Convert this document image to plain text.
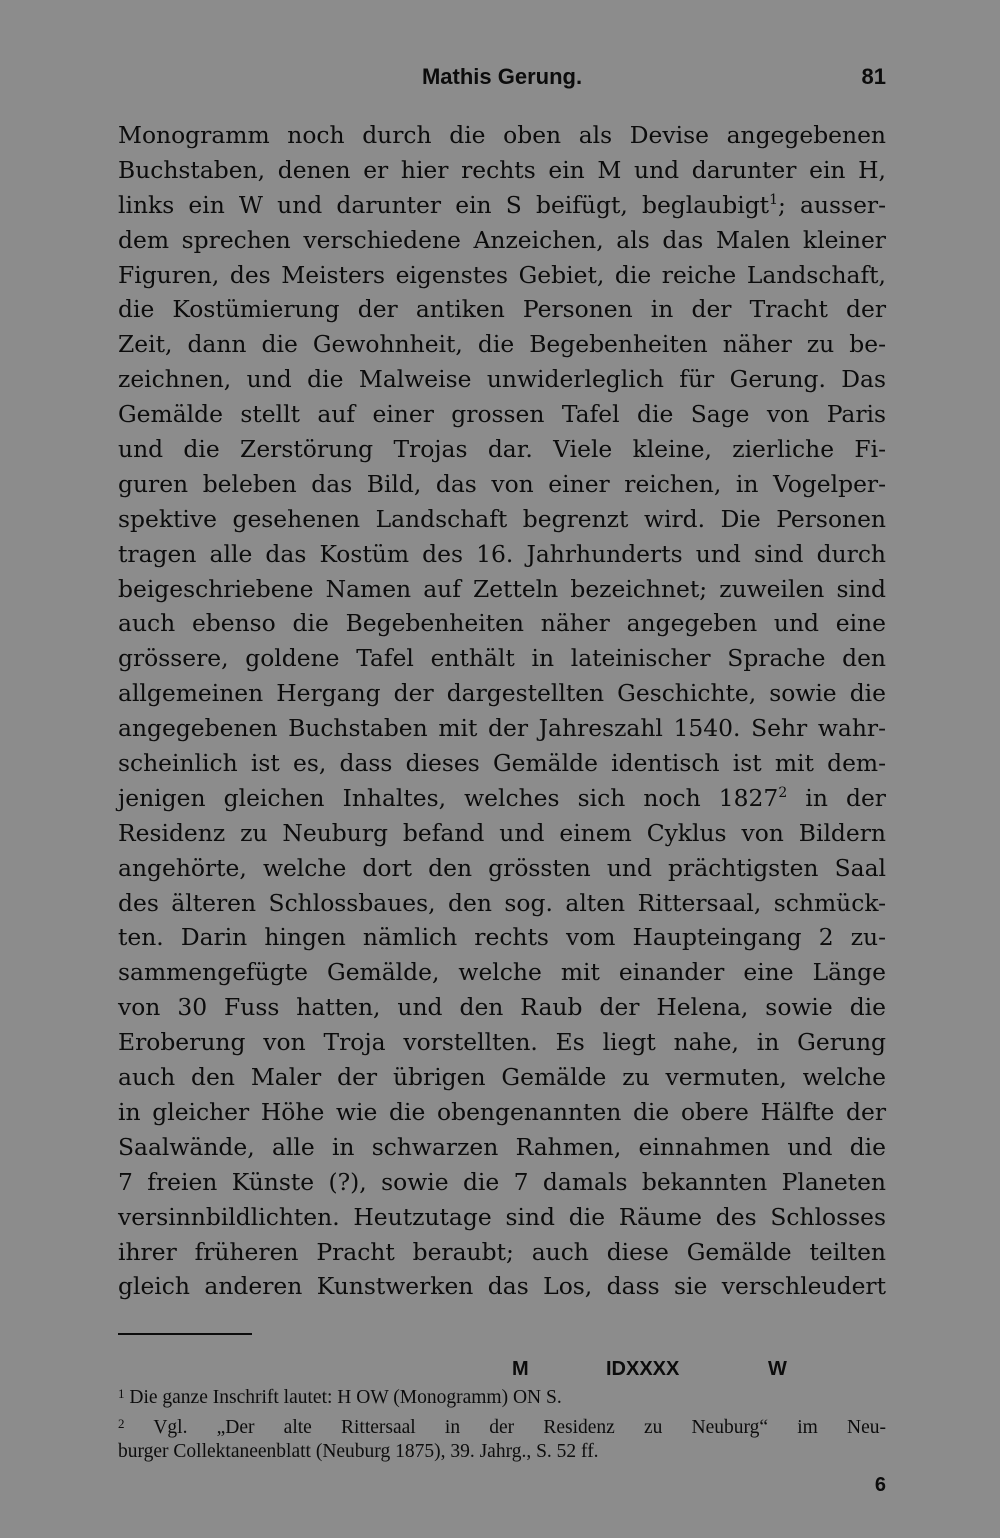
Mathis Gerung.	81
Monogramm noch durch die oben als Devise angegebenen
Buchstaben, denen er hier rechts ein M und darunter ein H,
links ein W und darunter ein S beifügt, beglaubigt$^1$; ausser-
dem sprechen verschiedene Anzeichen, als das Malen kleiner
Figuren, des Meisters eigenstes Gebiet, die reiche Landschaft,
die Kostümierung der antiken Personen in der Tracht der
Zeit, dann die Gewohnheit, die Begebenheiten näher zu be-
zeichnen, und die Malweise unwiderleglich für Gerung. Das
Gemälde stellt auf einer grossen Tafel die Sage von Paris
und die Zerstörung Trojas dar. Viele kleine, zierliche Fi-
guren beleben das Bild, das von einer reichen, in Vogelper-
spektive gesehenen Landschaft begrenzt wird. Die Personen
tragen alle das Kostüm des 16. Jahrhunderts und sind durch
beigeschriebene Namen auf Zetteln bezeichnet; zuweilen sind
auch ebenso die Begebenheiten näher angegeben und eine
grössere, goldene Tafel enthält in lateinischer Sprache den
allgemeinen Hergang der dargestellten Geschichte, sowie die
angegebenen Buchstaben mit der Jahreszahl 1540. Sehr wahr-
scheinlich ist es, dass dieses Gemälde identisch ist mit dem-
jenigen gleichen Inhaltes, welches sich noch 1827$^2$ in der
Residenz zu Neuburg befand und einem Cyklus von Bildern
angehörte, welche dort den grössten und prächtigsten Saal
des älteren Schlossbaues, den sog. alten Rittersaal, schmück-
ten. Darin hingen nämlich rechts vom Haupteingang 2 zu-
sammengefügte Gemälde, welche mit einander eine Länge
von 30 Fuss hatten, und den Raub der Helena, sowie die
Eroberung von Troja vorstellten. Es liegt nahe, in Gerung
auch den Maler der übrigen Gemälde zu vermuten, welche
in gleicher Höhe wie die obengenannten die obere Hälfte der
Saalwände, alle in schwarzen Rahmen, einnahmen und die
7 freien Künste (?), sowie die 7 damals bekannten Planeten
versinnbildlichten. Heutzutage sind die Räume des Schlosses
ihrer früheren Pracht beraubt; auch diese Gemälde teilten
gleich anderen Kunstwerken das Los, dass sie verschleudert
M	IDXXXX	W
$^1$ Die ganze Inschrift lautet: H OW (Monogramm) ON S.
$^2$ Vgl. „Der alte Rittersaal in der Residenz zu Neuburg“ im Neu-
burger Collektaneenblatt (Neuburg 1875), 39. Jahrg., S. 52 ff.
6
